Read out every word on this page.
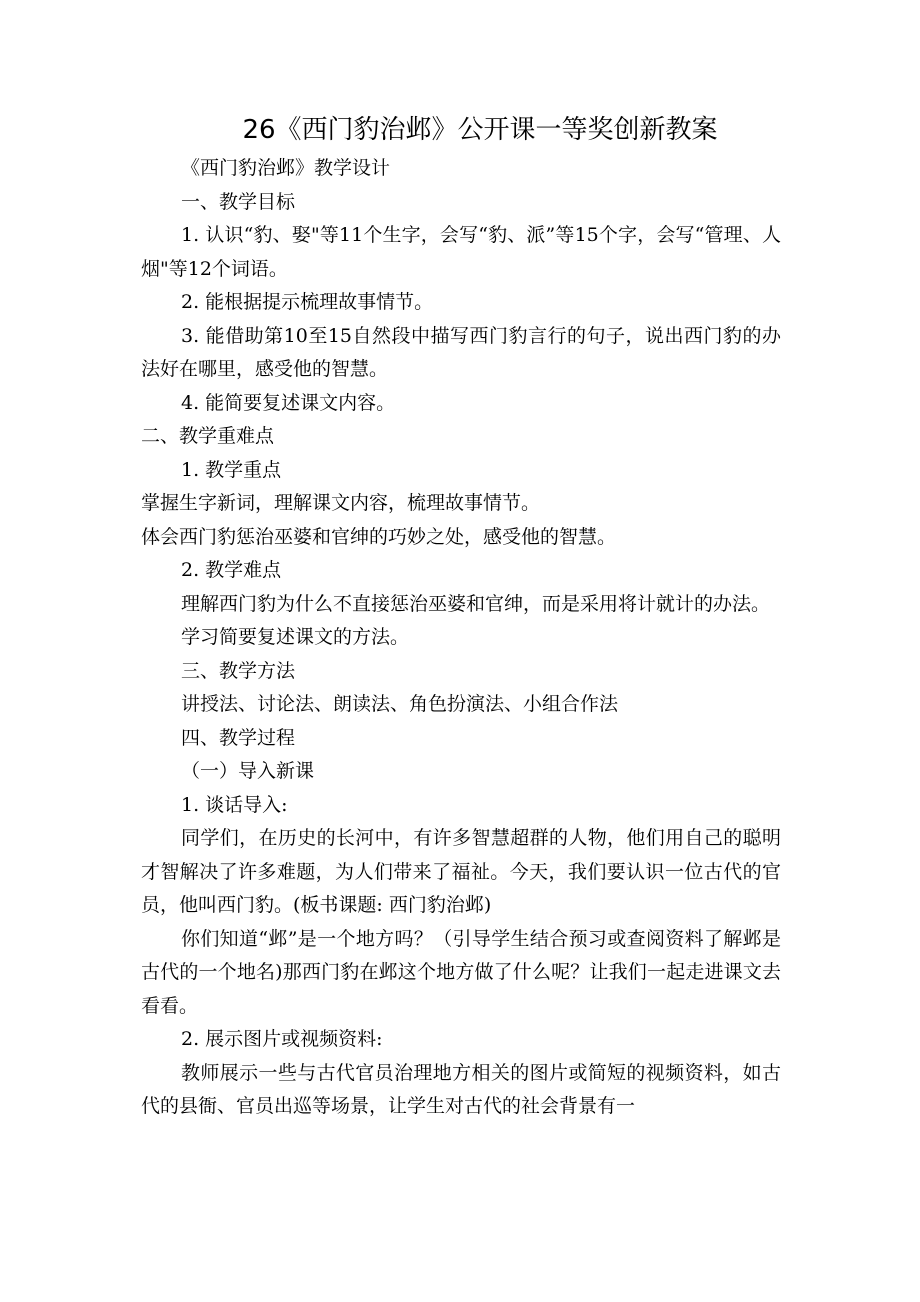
26《西门豹治邺》公开课一等奖创新教案

《西门豹治邺》教学设计

一、教学目标

1. 认识“豹、娶"等11个生字，会写“豹、派”等15个字，会写“管理、人烟"等12个词语。

2. 能根据提示梳理故事情节。

3. 能借助第10至15自然段中描写西门豹言行的句子，说出西门豹的办法好在哪里，感受他的智慧。

4. 能简要复述课文内容。

二、教学重难点

1. 教学重点

掌握生字新词，理解课文内容，梳理故事情节。

体会西门豹惩治巫婆和官绅的巧妙之处，感受他的智慧。

2. 教学难点

理解西门豹为什么不直接惩治巫婆和官绅，而是采用将计就计的办法。

学习简要复述课文的方法。

三、教学方法

讲授法、讨论法、朗读法、角色扮演法、小组合作法

四、教学过程

（一）导入新课

1. 谈话导入:

同学们，在历史的长河中，有许多智慧超群的人物，他们用自己的聪明才智解决了许多难题，为人们带来了福祉。今天，我们要认识一位古代的官员，他叫西门豹。(板书课题: 西门豹治邺)

你们知道“邺”是一个地方吗？（引导学生结合预习或查阅资料了解邺是古代的一个地名)那西门豹在邺这个地方做了什么呢？让我们一起走进课文去看看。

2. 展示图片或视频资料:

教师展示一些与古代官员治理地方相关的图片或简短的视频资料，如古代的县衙、官员出巡等场景，让学生对古代的社会背景有一
